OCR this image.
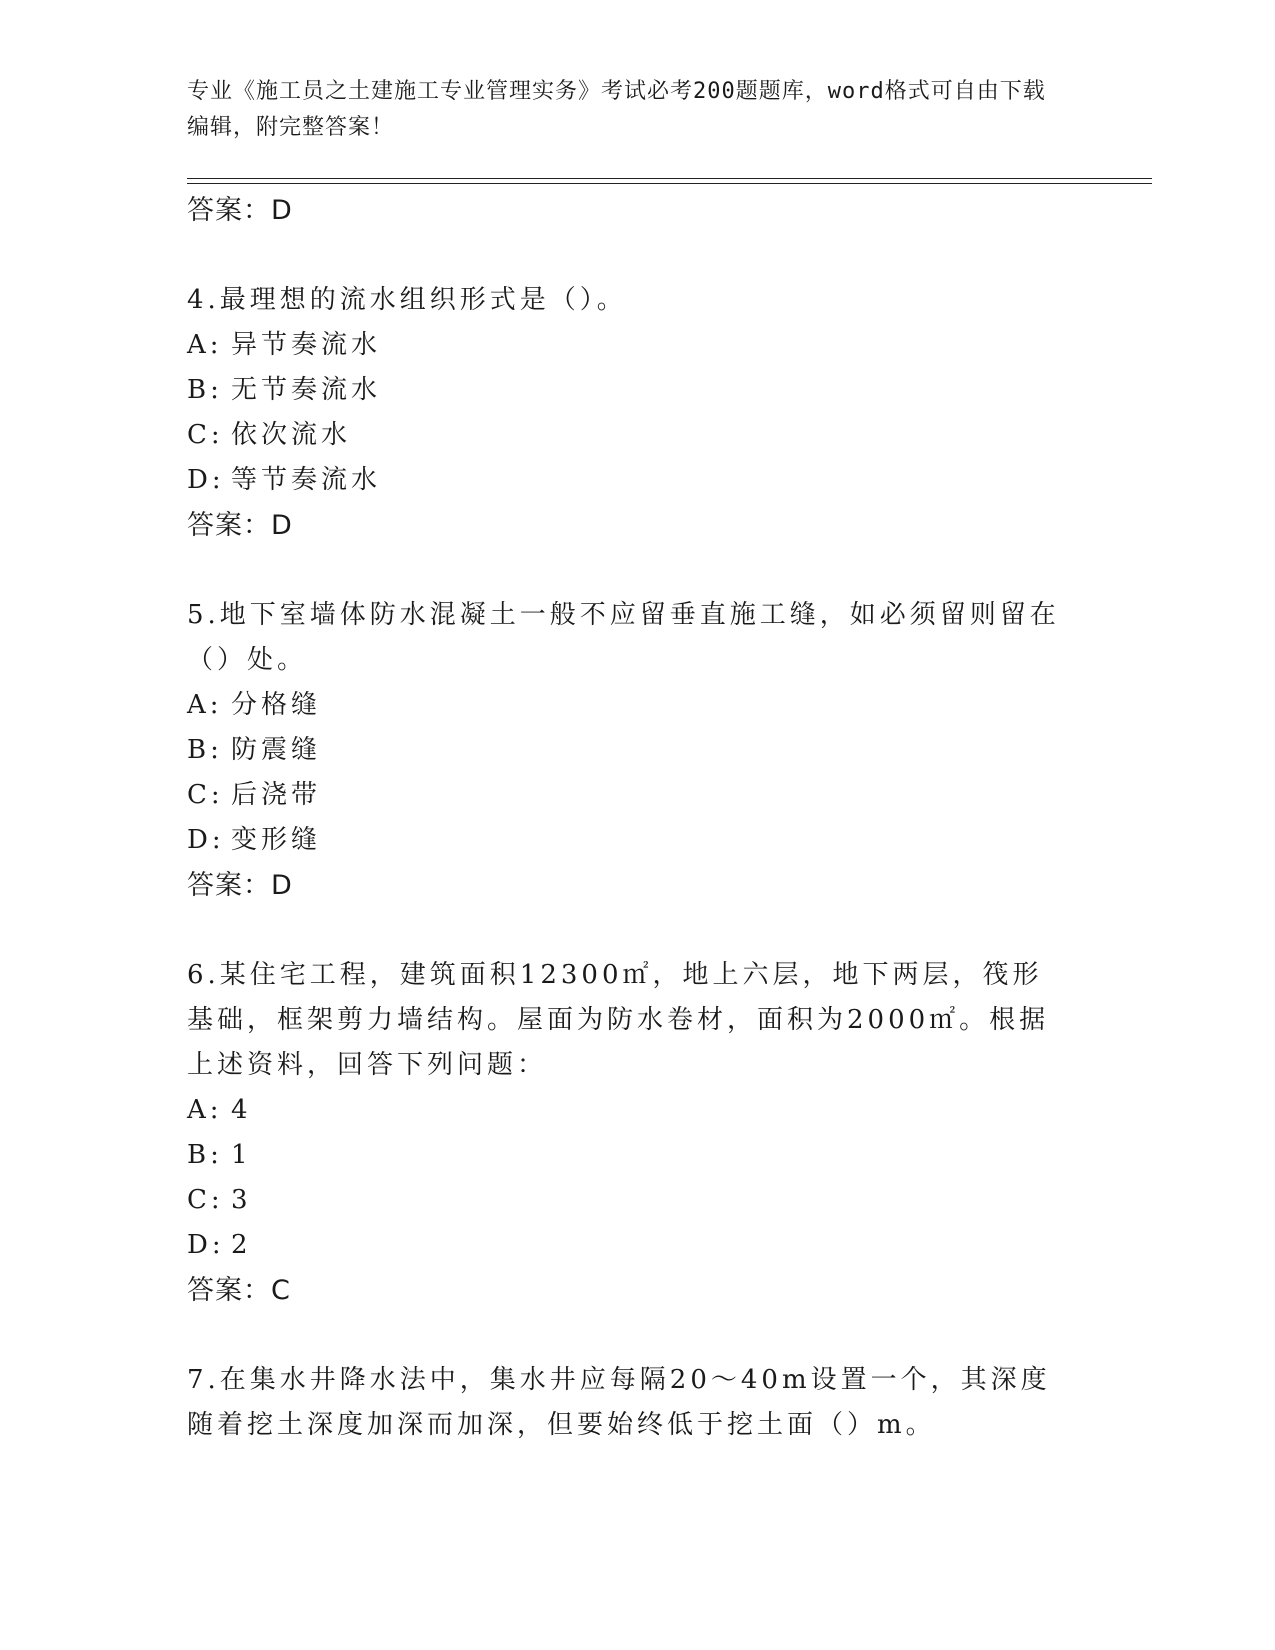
专业《施工员之土建施工专业管理实务》考试必考200题题库，word格式可自由下载编辑，附完整答案！
答案：D
4.最理想的流水组织形式是（）。
A: 异节奏流水
B: 无节奏流水
C: 依次流水
D: 等节奏流水
答案：D
5.地下室墙体防水混凝土一般不应留垂直施工缝，如必须留则留在（）处。
A: 分格缝
B: 防震缝
C: 后浇带
D: 变形缝
答案：D
6.某住宅工程，建筑面积12300㎡，地上六层，地下两层，筏形基础，框架剪力墙结构。屋面为防水卷材，面积为2000㎡。根据上述资料，回答下列问题：
A: 4
B: 1
C: 3
D: 2
答案：C
7.在集水井降水法中，集水井应每隔20～40m设置一个，其深度随着挖土深度加深而加深，但要始终低于挖土面（）m。
